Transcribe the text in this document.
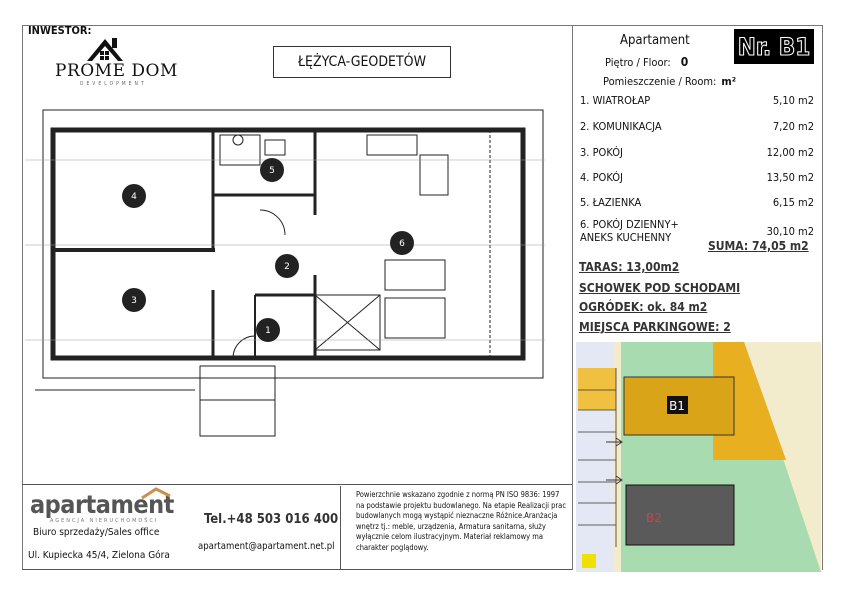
INWESTOR:
PROME DOM
DEVELOPMENT
ŁĘŻYCA-GEODETÓW
1
2
3
4
5
6
Apartament Nr. B1
Piętro / Floor: 0
Pomieszczenie / Room: m²
1. WIATROŁAP	5,10 m2
2. KOMUNIKACJA	7,20 m2
3. POKÓJ	12,00 m2
4. POKÓJ	13,50 m2
5. ŁAZIENKA	6,15 m2
6. POKÓJ DZIENNY+
ANEKS KUCHENNY	30,10 m2
SUMA: 74,05 m2
TARAS: 13,00m2
SCHOWEK POD SCHODAMI
OGRÓDEK: ok. 84 m2
MIEJSCA PARKINGOWE: 2
B1
B2
apartament
AGENCJA NIERUCHOMOŚCI
Biuro sprzedaży/Sales office
Ul. Kupiecka 45/4, Zielona Góra
Tel.+48 503 016 400
apartament@apartament.net.pl
Powierzchnie wskazano zgodnie z normą PN ISO 9836: 1997 na podstawie projektu budowlanego. Na etapie Realizacji prac budowlanych mogą wystąpić nieznaczne Różnice.Aranżacja wnętrz tj.: meble, urządzenia, Armatura sanitarna, służy wyłącznie celom ilustracyjnym. Materiał reklamowy ma charakter poglądowy.
